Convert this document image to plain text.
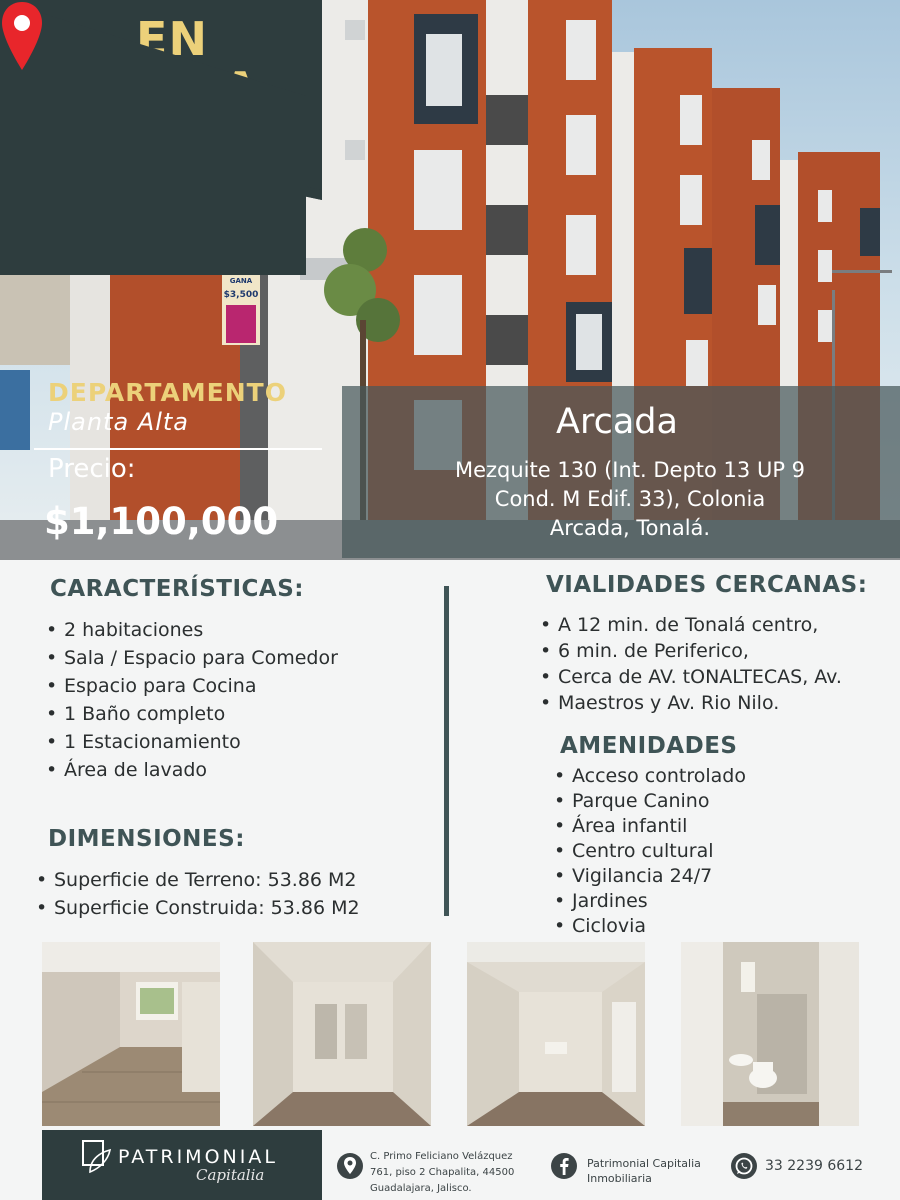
GANA
$3,500
EN
DEPARTAMENTO
Planta Alta
Precio:
$1,100,000
Arcada
Mezquite 130 (Int. Depto 13 UP 9
Cond. M Edif. 33), Colonia
Arcada, Tonalá.
CARACTERÍSTICAS:
• 2 habitaciones
• Sala / Espacio para Comedor
• Espacio para Cocina
• 1 Baño completo
• 1 Estacionamiento
• Área de lavado
DIMENSIONES:
• Superficie de Terreno: 53.86 M2
• Superficie Construida: 53.86 M2
VIALIDADES CERCANAS:
• A 12 min. de Tonalá centro,
• 6 min. de Periferico,
• Cerca de AV. tONALTECAS, Av.
• Maestros y Av. Rio Nilo.
AMENIDADES
• Acceso controlado
• Parque Canino
• Área infantil
• Centro cultural
• Vigilancia 24/7
• Jardines
• Ciclovia
PATRIMONIAL
Capitalia
C. Primo Feliciano Velázquez
761, piso 2 Chapalita, 44500
Guadalajara, Jalisco.
Patrimonial Capitalia
Inmobiliaria
33 2239 6612
